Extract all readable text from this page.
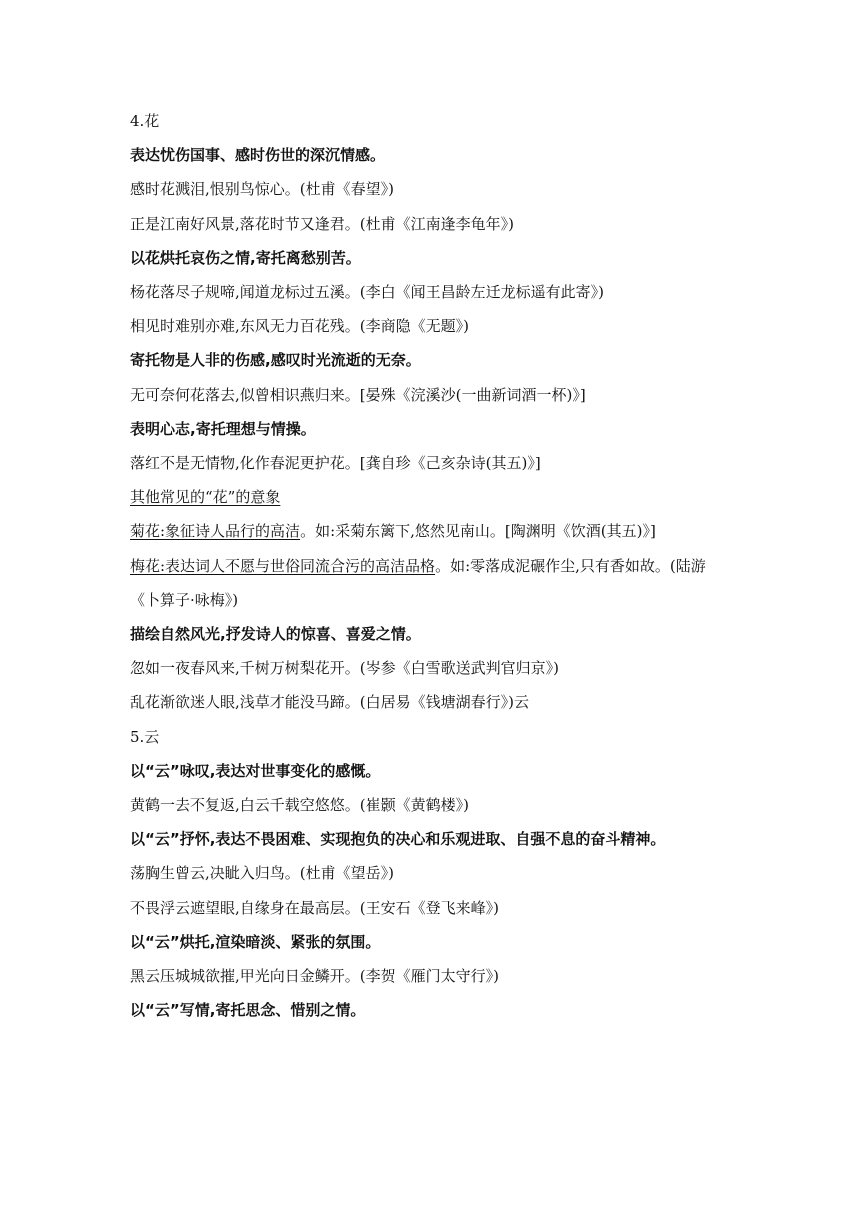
4.花
表达忧伤国事、感时伤世的深沉情感。
感时花溅泪,恨别鸟惊心。(杜甫《春望》)
正是江南好风景,落花时节又逢君。(杜甫《江南逢李龟年》)
以花烘托哀伤之情,寄托离愁别苦。
杨花落尽子规啼,闻道龙标过五溪。(李白《闻王昌龄左迁龙标遥有此寄》)
相见时难别亦难,东风无力百花残。(李商隐《无题》)
寄托物是人非的伤感,感叹时光流逝的无奈。
无可奈何花落去,似曾相识燕归来。[晏殊《浣溪沙(一曲新词酒一杯)》]
表明心志,寄托理想与情操。
落红不是无情物,化作春泥更护花。[龚自珍《己亥杂诗(其五)》]
其他常见的“花”的意象
菊花:象征诗人品行的高洁。如:采菊东篱下,悠然见南山。[陶渊明《饮酒(其五)》]
梅花:表达词人不愿与世俗同流合污的高洁品格。如:零落成泥碾作尘,只有香如故。(陆游《卜算子·咏梅》)
描绘自然风光,抒发诗人的惊喜、喜爱之情。
忽如一夜春风来,千树万树梨花开。(岑参《白雪歌送武判官归京》)
乱花渐欲迷人眼,浅草才能没马蹄。(白居易《钱塘湖春行》)云
5.云
以“云”咏叹,表达对世事变化的感慨。
黄鹤一去不复返,白云千载空悠悠。(崔颢《黄鹤楼》)
以“云”抒怀,表达不畏困难、实现抱负的决心和乐观进取、自强不息的奋斗精神。
荡胸生曾云,决眦入归鸟。(杜甫《望岳》)
不畏浮云遮望眼,自缘身在最高层。(王安石《登飞来峰》)
以“云”烘托,渲染暗淡、紧张的氛围。
黑云压城城欲摧,甲光向日金鳞开。(李贺《雁门太守行》)
以“云”写情,寄托思念、惜别之情。
